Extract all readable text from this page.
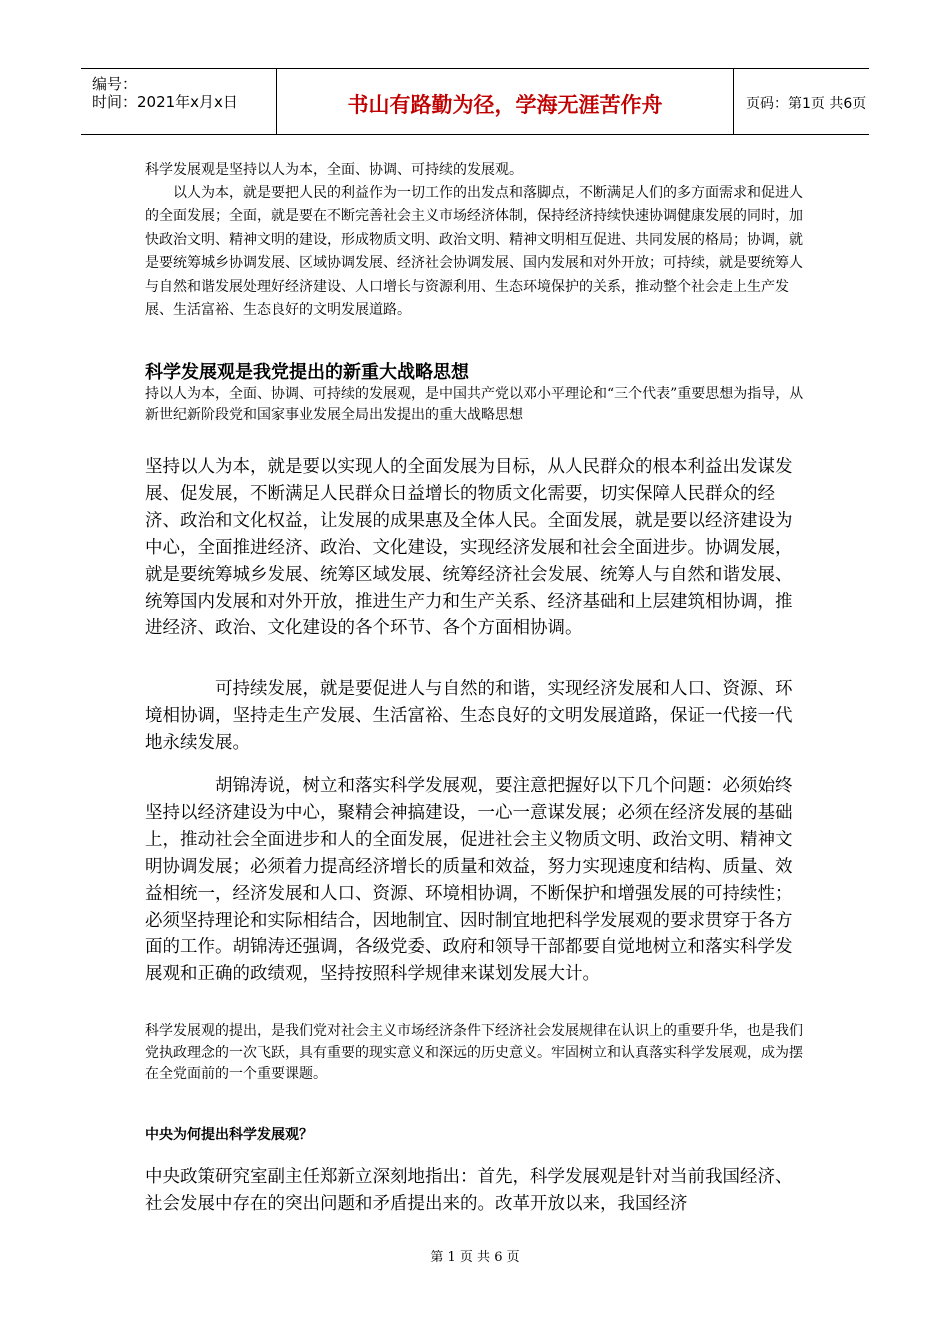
编号：
时间：2021年x月x日	书山有路勤为径，学海无涯苦作舟	页码：第1页 共6页

科学发展观是坚持以人为本，全面、协调、可持续的发展观。

以人为本，就是要把人民的利益作为一切工作的出发点和落脚点，不断满足人们的多方面需求和促进人的全面发展；全面，就是要在不断完善社会主义市场经济体制，保持经济持续快速协调健康发展的同时，加快政治文明、精神文明的建设，形成物质文明、政治文明、精神文明相互促进、共同发展的格局；协调，就是要统筹城乡协调发展、区域协调发展、经济社会协调发展、国内发展和对外开放；可持续，就是要统筹人与自然和谐发展处理好经济建设、人口增长与资源利用、生态环境保护的关系，推动整个社会走上生产发展、生活富裕、生态良好的文明发展道路。

科学发展观是我党提出的新重大战略思想

持以人为本，全面、协调、可持续的发展观，是中国共产党以邓小平理论和“三个代表”重要思想为指导，从新世纪新阶段党和国家事业发展全局出发提出的重大战略思想

坚持以人为本，就是要以实现人的全面发展为目标，从人民群众的根本利益出发谋发展、促发展，不断满足人民群众日益增长的物质文化需要，切实保障人民群众的经济、政治和文化权益，让发展的成果惠及全体人民。全面发展，就是要以经济建设为中心，全面推进经济、政治、文化建设，实现经济发展和社会全面进步。协调发展，就是要统筹城乡发展、统筹区域发展、统筹经济社会发展、统筹人与自然和谐发展、统筹国内发展和对外开放，推进生产力和生产关系、经济基础和上层建筑相协调，推进经济、政治、文化建设的各个环节、各个方面相协调。

可持续发展，就是要促进人与自然的和谐，实现经济发展和人口、资源、环境相协调，坚持走生产发展、生活富裕、生态良好的文明发展道路，保证一代接一代地永续发展。

胡锦涛说，树立和落实科学发展观，要注意把握好以下几个问题：必须始终坚持以经济建设为中心，聚精会神搞建设，一心一意谋发展；必须在经济发展的基础上，推动社会全面进步和人的全面发展，促进社会主义物质文明、政治文明、精神文明协调发展；必须着力提高经济增长的质量和效益，努力实现速度和结构、质量、效益相统一，经济发展和人口、资源、环境相协调，不断保护和增强发展的可持续性；必须坚持理论和实际相结合，因地制宜、因时制宜地把科学发展观的要求贯穿于各方面的工作。胡锦涛还强调，各级党委、政府和领导干部都要自觉地树立和落实科学发展观和正确的政绩观，坚持按照科学规律来谋划发展大计。

科学发展观的提出，是我们党对社会主义市场经济条件下经济社会发展规律在认识上的重要升华，也是我们党执政理念的一次飞跃，具有重要的现实意义和深远的历史意义。牢固树立和认真落实科学发展观，成为摆在全党面前的一个重要课题。

中央为何提出科学发展观？

中央政策研究室副主任郑新立深刻地指出：首先，科学发展观是针对当前我国经济、社会发展中存在的突出问题和矛盾提出来的。改革开放以来，我国经济

第 1 页 共 6 页
